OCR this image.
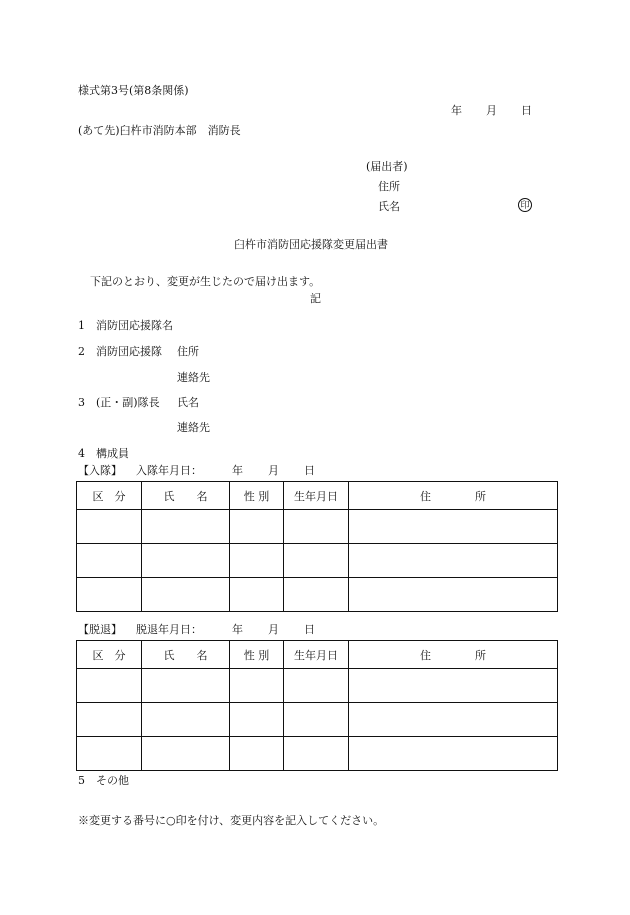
様式第3号(第8条関係)
年 月 日
(あて先)臼杵市消防本部　消防長
(届出者)
住所
氏名	印
臼杵市消防団応援隊変更届出書
下記のとおり、変更が生じたので届け出ます。
記
1　消防団応援隊名
2　消防団応援隊 住所
連絡先
3　(正・副)隊長 氏名
連絡先
4　構成員
【入隊】 入隊年月日：	年 月 日
区　分	氏　　名	性 別	生年月日	住　　　　所

【脱退】 脱退年月日：	年 月 日
区　分	氏　　名	性 別	生年月日	住　　　　所

5　その他
※変更する番号に○印を付け、変更内容を記入してください。
